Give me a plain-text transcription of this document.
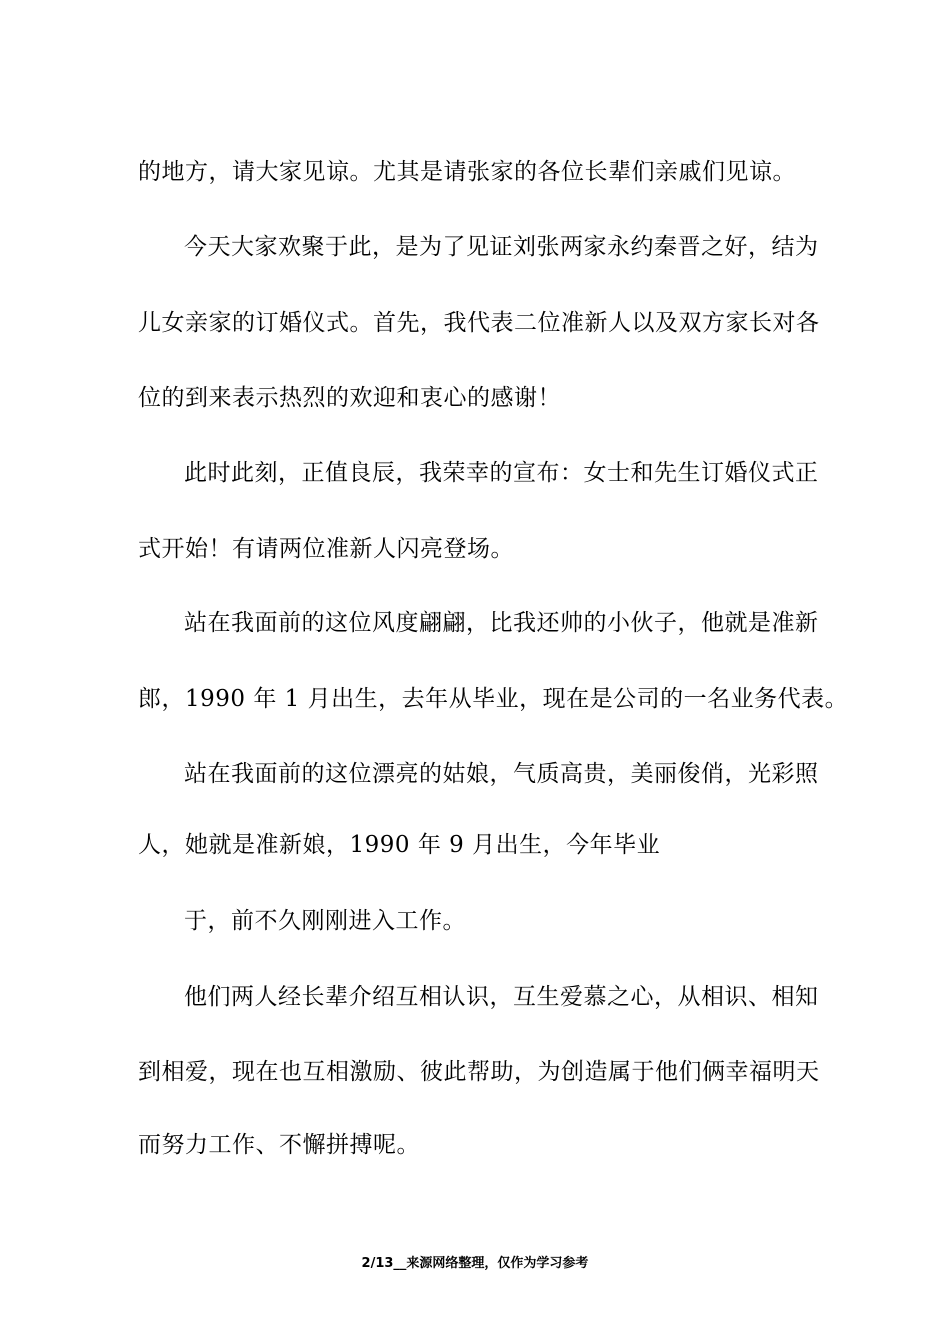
的地方，请大家见谅。尤其是请张家的各位长辈们亲戚们见谅。
今天大家欢聚于此，是为了见证刘张两家永约秦晋之好，结为
儿女亲家的订婚仪式。首先，我代表二位准新人以及双方家长对各
位的到来表示热烈的欢迎和衷心的感谢！
此时此刻，正值良辰，我荣幸的宣布：女士和先生订婚仪式正
式开始！有请两位准新人闪亮登场。
站在我面前的这位风度翩翩，比我还帅的小伙子，他就是准新
郎，1990 年 1 月出生，去年从毕业，现在是公司的一名业务代表。
站在我面前的这位漂亮的姑娘，气质高贵，美丽俊俏，光彩照
人，她就是准新娘，1990 年 9 月出生，今年毕业
于，前不久刚刚进入工作。
他们两人经长辈介绍互相认识，互生爱慕之心，从相识、相知
到相爱，现在也互相激励、彼此帮助，为创造属于他们俩幸福明天
而努力工作、不懈拼搏呢。
2/13__来源网络整理，仅作为学习参考
